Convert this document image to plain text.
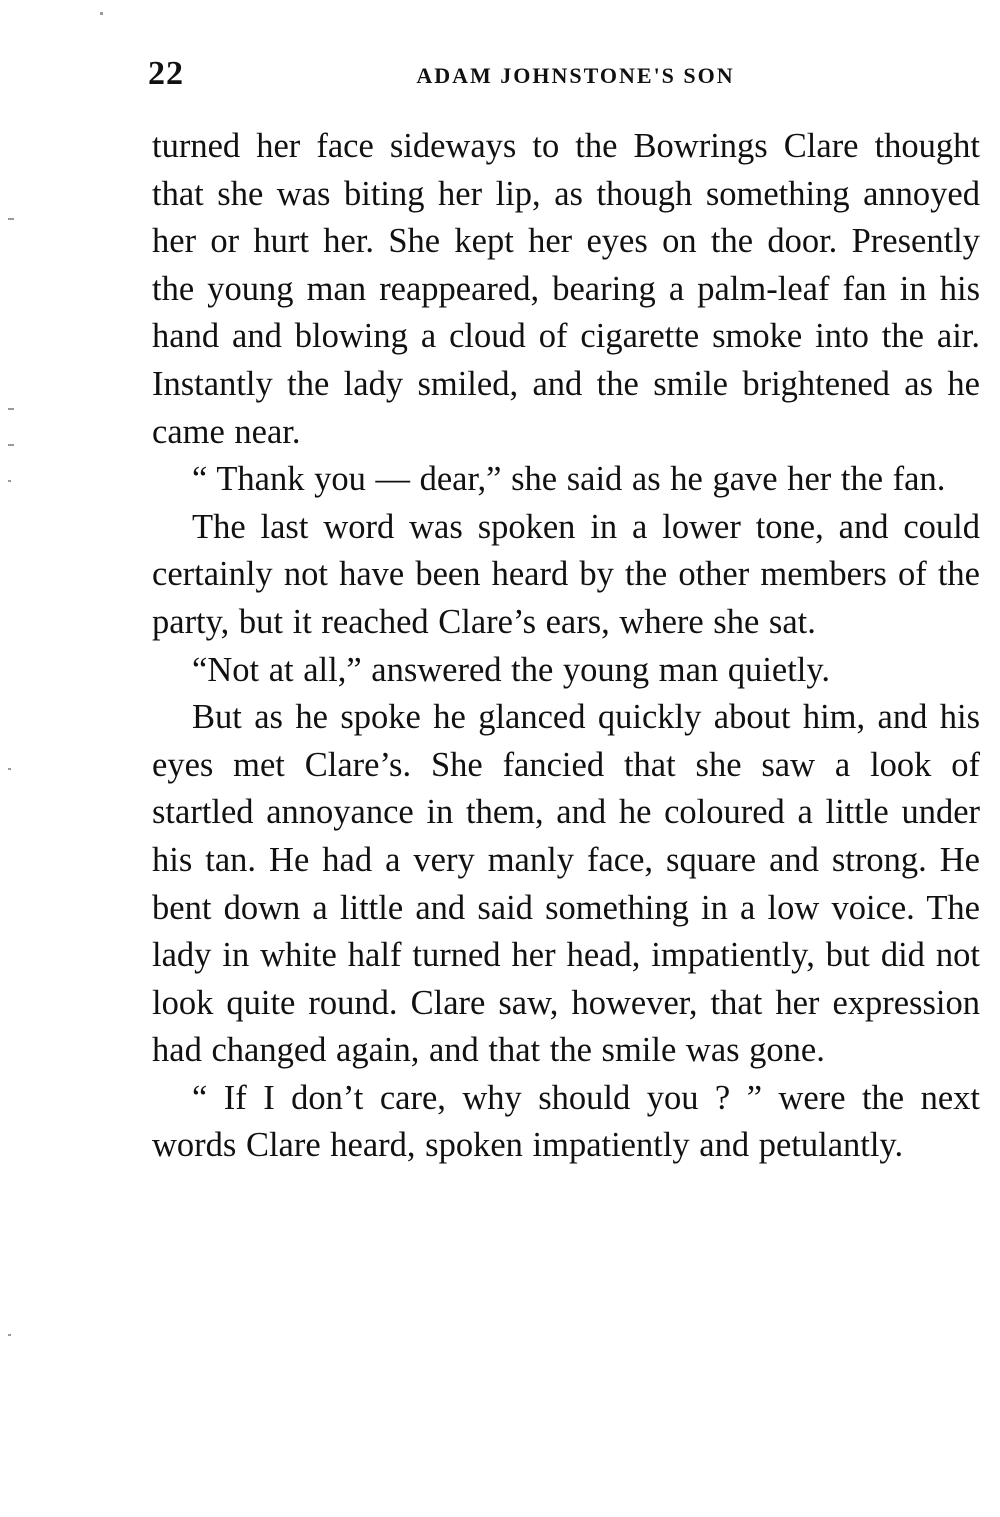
22	ADAM JOHNSTONE'S SON

turned her face sideways to the Bowrings Clare thought that she was biting her lip, as though something annoyed her or hurt her. She kept her eyes on the door. Presently the young man reappeared, bearing a palm-leaf fan in his hand and blowing a cloud of cigarette smoke into the air. Instantly the lady smiled, and the smile brightened as he came near.

“ Thank you — dear,” she said as he gave her the fan.

The last word was spoken in a lower tone, and could certainly not have been heard by the other members of the party, but it reached Clare’s ears, where she sat.

“Not at all,” answered the young man quietly.

But as he spoke he glanced quickly about him, and his eyes met Clare’s. She fancied that she saw a look of startled annoyance in them, and he coloured a little under his tan. He had a very manly face, square and strong. He bent down a little and said something in a low voice. The lady in white half turned her head, impatiently, but did not look quite round. Clare saw, however, that her expression had changed again, and that the smile was gone.

“ If I don’t care, why should you ? ” were the next words Clare heard, spoken impatiently and petulantly.
